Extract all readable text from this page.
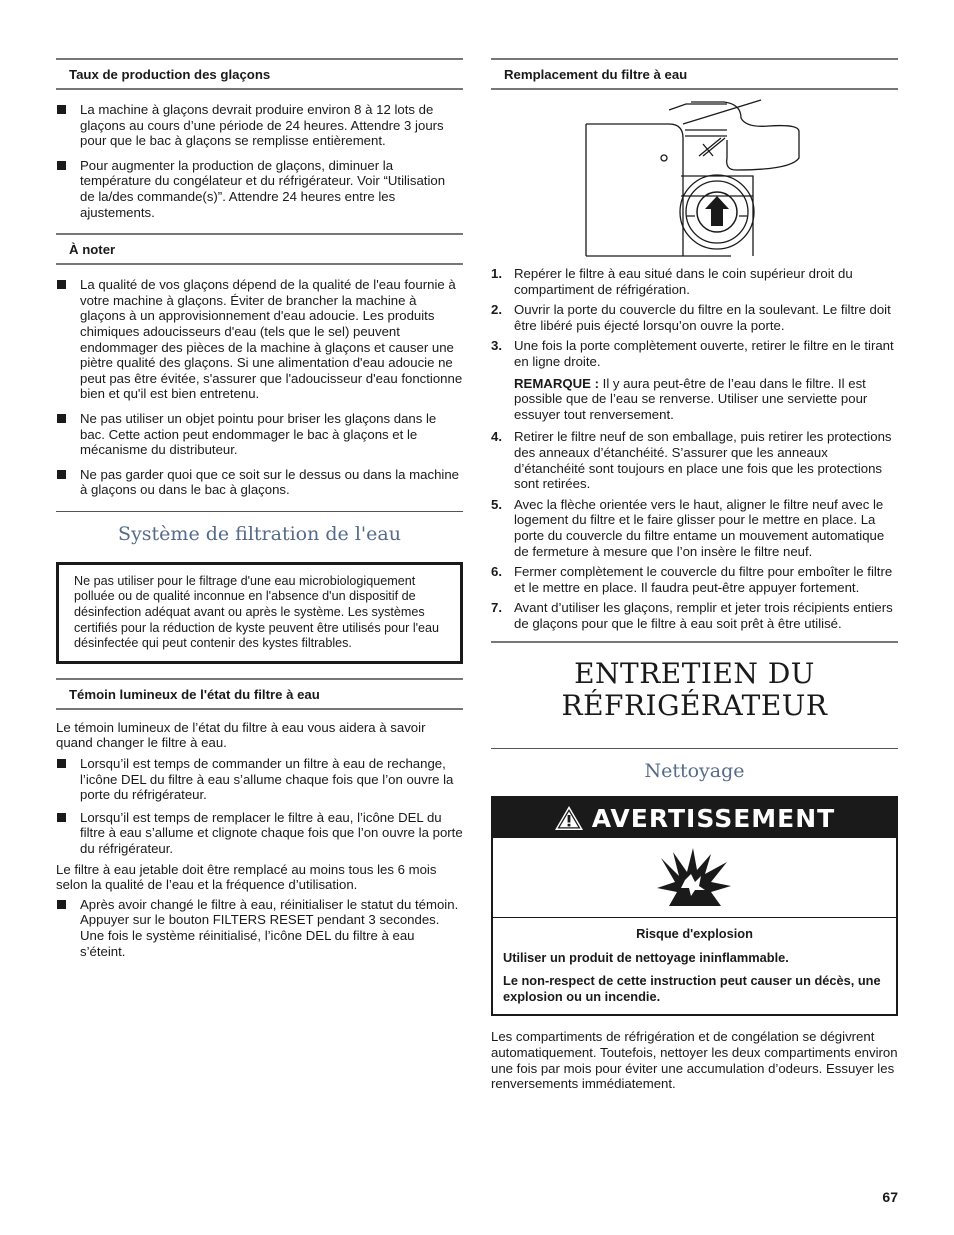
Taux de production des glaçons
La machine à glaçons devrait produire environ 8 à 12 lots de glaçons au cours d’une période de 24 heures. Attendre 3 jours pour que le bac à glaçons se remplisse entièrement.
Pour augmenter la production de glaçons, diminuer la température du congélateur et du réfrigérateur. Voir “Utilisation de la/des commande(s)”. Attendre 24 heures entre les ajustements.
À noter
La qualité de vos glaçons dépend de la qualité de l'eau fournie à votre machine à glaçons. Éviter de brancher la machine à glaçons à un approvisionnement d'eau adoucie. Les produits chimiques adoucisseurs d'eau (tels que le sel) peuvent endommager des pièces de la machine à glaçons et causer une piètre qualité des glaçons. Si une alimentation d'eau adoucie ne peut pas être évitée, s'assurer que l'adoucisseur d'eau fonctionne bien et qu'il est bien entretenu.
Ne pas utiliser un objet pointu pour briser les glaçons dans le bac. Cette action peut endommager le bac à glaçons et le mécanisme du distributeur.
Ne pas garder quoi que ce soit sur le dessus ou dans la machine à glaçons ou dans le bac à glaçons.
Système de filtration de l'eau
Ne pas utiliser pour le filtrage d'une eau microbiologiquement polluée ou de qualité inconnue en l'absence d'un dispositif de désinfection adéquat avant ou après le système. Les systèmes certifiés pour la réduction de kyste peuvent être utilisés pour l'eau désinfectée qui peut contenir des kystes filtrables.
Témoin lumineux de l'état du filtre à eau

Le témoin lumineux de l’état du filtre à eau vous aidera à savoir quand changer le filtre à eau.

Lorsqu’il est temps de commander un filtre à eau de rechange, l’icône DEL du filtre à eau s’allume chaque fois que l’on ouvre la porte du réfrigérateur.
Lorsqu’il est temps de remplacer le filtre à eau, l’icône DEL du filtre à eau s’allume et clignote chaque fois que l’on ouvre la porte du réfrigérateur.

Le filtre à eau jetable doit être remplacé au moins tous les 6 mois selon la qualité de l’eau et la fréquence d’utilisation.

Après avoir changé le filtre à eau, réinitialiser le statut du témoin. Appuyer sur le bouton FILTERS RESET pendant 3 secondes. Une fois le système réinitialisé, l’icône DEL du filtre à eau s’éteint.
Remplacement du filtre à eau
1. Repérer le filtre à eau situé dans le coin supérieur droit du compartiment de réfrigération.
2. Ouvrir la porte du couvercle du filtre en la soulevant. Le filtre doit être libéré puis éjecté lorsqu’on ouvre la porte.
3. Une fois la porte complètement ouverte, retirer le filtre en le tirant en ligne droite.

REMARQUE : Il y aura peut-être de l’eau dans le filtre. Il est possible que de l’eau se renverse. Utiliser une serviette pour essuyer tout renversement.

4. Retirer le filtre neuf de son emballage, puis retirer les protections des anneaux d’étanchéité. S’assurer que les anneaux d’étanchéité sont toujours en place une fois que les protections sont retirées.
5. Avec la flèche orientée vers le haut, aligner le filtre neuf avec le logement du filtre et le faire glisser pour le mettre en place. La porte du couvercle du filtre entame un mouvement automatique de fermeture à mesure que l’on insère le filtre neuf.
6. Fermer complètement le couvercle du filtre pour emboîter le filtre et le mettre en place. Il faudra peut-être appuyer fortement.
7. Avant d’utiliser les glaçons, remplir et jeter trois récipients entiers de glaçons pour que le filtre à eau soit prêt à être utilisé.
ENTRETIEN DU
RÉFRIGÉRATEUR
Nettoyage
AVERTISSEMENT
Risque d'explosion
Utiliser un produit de nettoyage ininflammable.
Le non-respect de cette instruction peut causer un décès, une explosion ou un incendie.

Les compartiments de réfrigération et de congélation se dégivrent automatiquement. Toutefois, nettoyer les deux compartiments environ une fois par mois pour éviter une accumulation d’odeurs. Essuyer les renversements immédiatement.

67
